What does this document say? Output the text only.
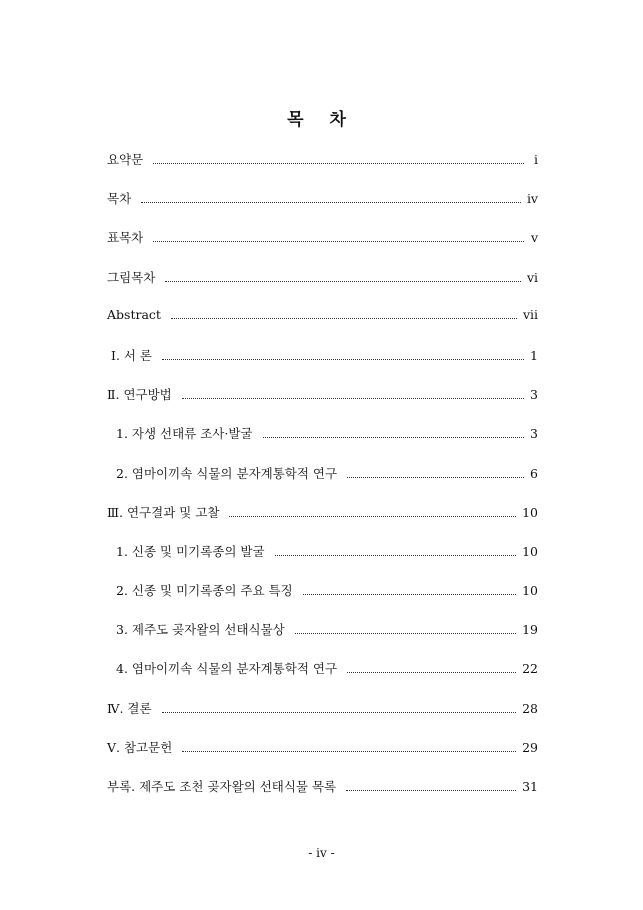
목 차
요약문	i
목차	iv
표목차	v
그림목차	vi
Abstract	vii
Ⅰ. 서 론	1
Ⅱ. 연구방법	3
1. 자생 선태류 조사·발굴	3
2. 염마이끼속 식물의 분자계통학적 연구	6
Ⅲ. 연구결과 및 고찰	10
1. 신종 및 미기록종의 발굴	10
2. 신종 및 미기록종의 주요 특징	10
3. 제주도 곶자왈의 선태식물상	19
4. 염마이끼속 식물의 분자계통학적 연구	22
Ⅳ. 결론	28
Ⅴ. 참고문헌	29
부록. 제주도 조천 곶자왈의 선태식물 목록	31
- iv -
